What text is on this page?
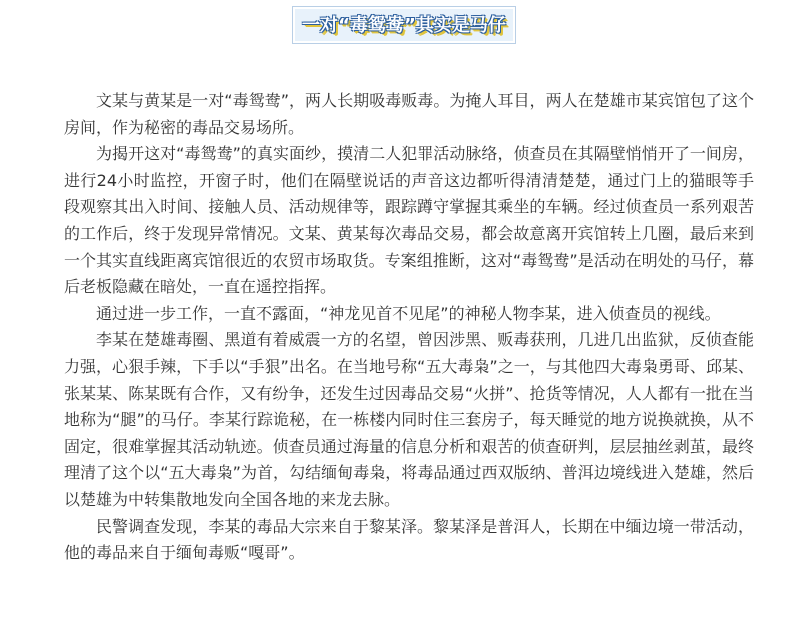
一对“毒鸳鸯”其实是马仔

文某与黄某是一对“毒鸳鸯”，两人长期吸毒贩毒。为掩人耳目，两人在楚雄市某宾馆包了这个房间，作为秘密的毒品交易场所。

为揭开这对“毒鸳鸯”的真实面纱，摸清二人犯罪活动脉络，侦查员在其隔壁悄悄开了一间房，进行24小时监控，开窗子时，他们在隔壁说话的声音这边都听得清清楚楚，通过门上的猫眼等手段观察其出入时间、接触人员、活动规律等，跟踪蹲守掌握其乘坐的车辆。经过侦查员一系列艰苦的工作后，终于发现异常情况。文某、黄某每次毒品交易，都会故意离开宾馆转上几圈，最后来到一个其实直线距离宾馆很近的农贸市场取货。专案组推断，这对“毒鸳鸯”是活动在明处的马仔，幕后老板隐藏在暗处，一直在遥控指挥。

通过进一步工作，一直不露面，“神龙见首不见尾”的神秘人物李某，进入侦查员的视线。

李某在楚雄毒圈、黑道有着威震一方的名望，曾因涉黑、贩毒获刑，几进几出监狱，反侦查能力强，心狠手辣，下手以“手狠”出名。在当地号称“五大毒枭”之一，与其他四大毒枭勇哥、邱某、张某某、陈某既有合作，又有纷争，还发生过因毒品交易“火拼”、抢货等情况，人人都有一批在当地称为“腿”的马仔。李某行踪诡秘，在一栋楼内同时住三套房子，每天睡觉的地方说换就换，从不固定，很难掌握其活动轨迹。侦查员通过海量的信息分析和艰苦的侦查研判，层层抽丝剥茧，最终理清了这个以“五大毒枭”为首，勾结缅甸毒枭，将毒品通过西双版纳、普洱边境线进入楚雄，然后以楚雄为中转集散地发向全国各地的来龙去脉。

民警调查发现，李某的毒品大宗来自于黎某泽。黎某泽是普洱人，长期在中缅边境一带活动，他的毒品来自于缅甸毒贩“嘎哥”。
